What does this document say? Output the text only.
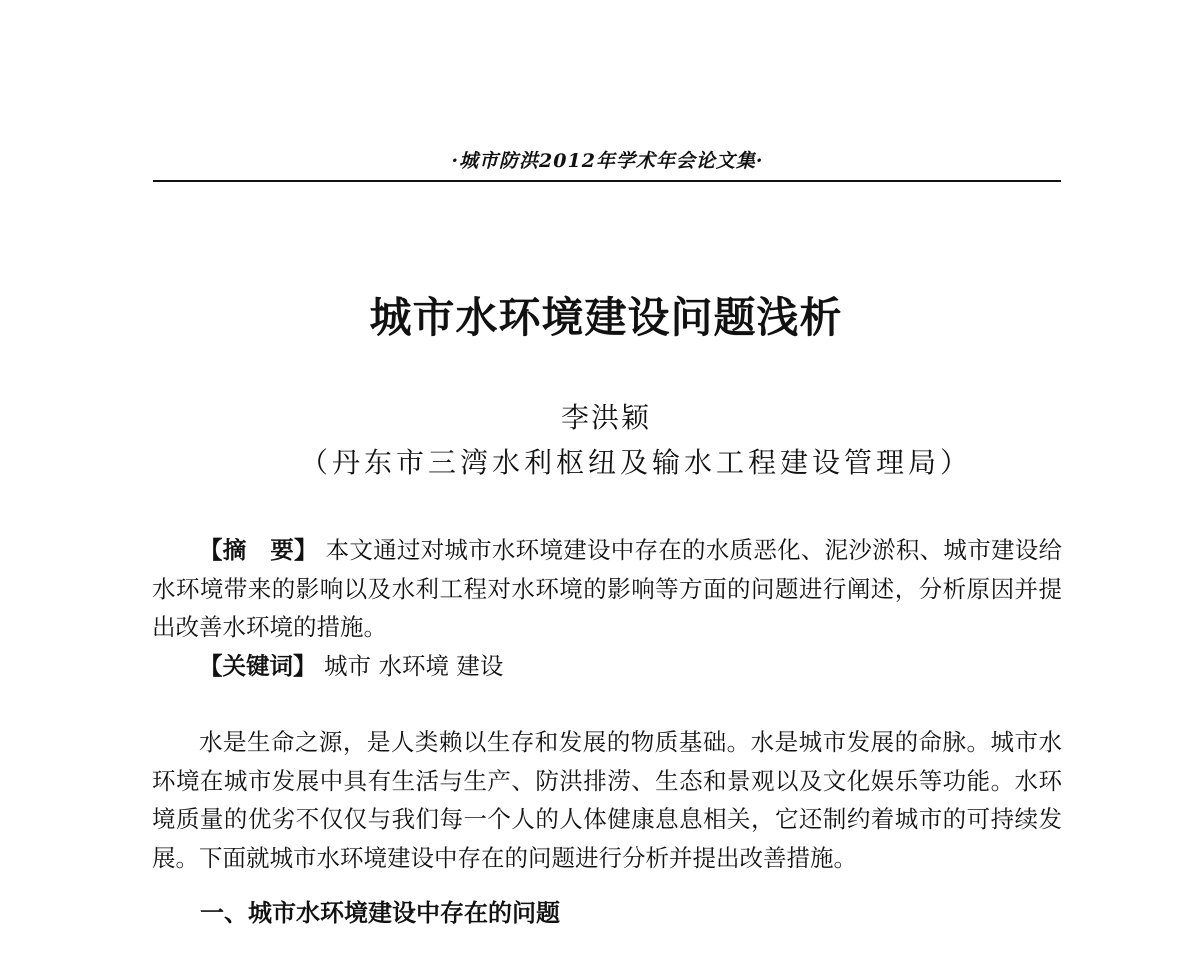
·城市防洪2012年学术年会论文集·
城市水环境建设问题浅析
李洪颖
（丹东市三湾水利枢纽及输水工程建设管理局）

【摘　要】 本文通过对城市水环境建设中存在的水质恶化、泥沙淤积、城市建设给水环境带来的影响以及水利工程对水环境的影响等方面的问题进行阐述，分析原因并提出改善水环境的措施。

【关键词】 城市 水环境 建设

水是生命之源，是人类赖以生存和发展的物质基础。水是城市发展的命脉。城市水环境在城市发展中具有生活与生产、防洪排涝、生态和景观以及文化娱乐等功能。水环境质量的优劣不仅仅与我们每一个人的人体健康息息相关，它还制约着城市的可持续发展。下面就城市水环境建设中存在的问题进行分析并提出改善措施。

一、城市水环境建设中存在的问题
